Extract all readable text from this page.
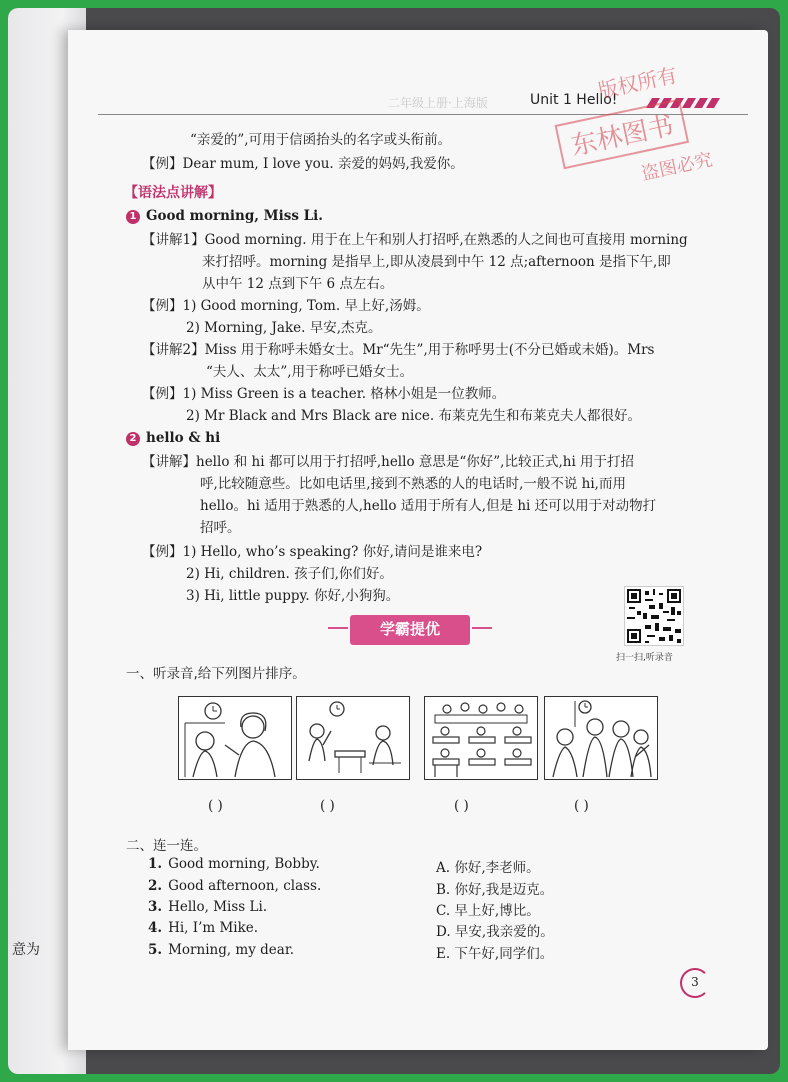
意为
二年级上册·上海版	Unit 1 Hello!
版权所有
东林图书
盗图必究
“亲爱的”,可用于信函抬头的名字或头衔前。
【例】Dear mum, I love you. 亲爱的妈妈,我爱你。
【语法点讲解】
1 Good morning, Miss Li.
【讲解1】Good morning. 用于在上午和别人打招呼,在熟悉的人之间也可直接用 morning
来打招呼。morning 是指早上,即从凌晨到中午 12 点;afternoon 是指下午,即
从中午 12 点到下午 6 点左右。
【例】1) Good morning, Tom. 早上好,汤姆。
2) Morning, Jake. 早安,杰克。
【讲解2】Miss 用于称呼未婚女士。Mr“先生”,用于称呼男士(不分已婚或未婚)。Mrs
“夫人、太太”,用于称呼已婚女士。
【例】1) Miss Green is a teacher. 格林小姐是一位教师。
2) Mr Black and Mrs Black are nice. 布莱克先生和布莱克夫人都很好。
2 hello & hi
【讲解】hello 和 hi 都可以用于打招呼,hello 意思是“你好”,比较正式,hi 用于打招
呼,比较随意些。比如电话里,接到不熟悉的人的电话时,一般不说 hi,而用
hello。hi 适用于熟悉的人,hello 适用于所有人,但是 hi 还可以用于对动物打
招呼。
【例】1) Hello, who’s speaking? 你好,请问是谁来电?
2) Hi, children. 孩子们,你们好。
3) Hi, little puppy. 你好,小狗狗。
学霸提优
扫一扫,听录音
一、听录音,给下列图片排序。
( )	( )	( )	( )
二、连一连。
1. Good morning, Bobby.
2. Good afternoon, class.
3. Hello, Miss Li.
4. Hi, I’m Mike.
5. Morning, my dear.
A. 你好,李老师。
B. 你好,我是迈克。
C. 早上好,博比。
D. 早安,我亲爱的。
E. 下午好,同学们。
3
